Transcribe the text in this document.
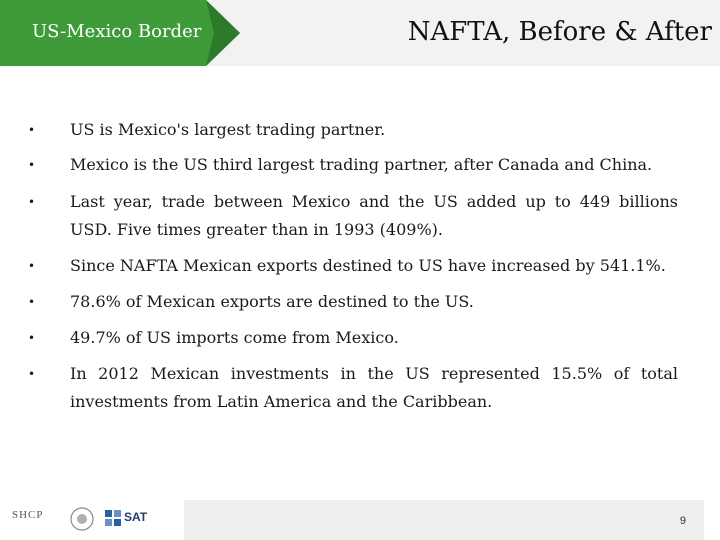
US-Mexico Border	NAFTA, Before & After
• US is Mexico's largest trading partner.
• Mexico is the US third largest trading partner, after Canada and China.
• Last year, trade between Mexico and the US added up to 449 billions USD. Five times greater than in 1993 (409%).
• Since NAFTA Mexican exports destined to US have increased by 541.1%.
• 78.6% of Mexican exports are destined to the US.
• 49.7% of US imports come from Mexico.
• In 2012 Mexican investments in the US represented 15.5% of total investments from Latin America and the Caribbean.
SHCP	SAT	9
